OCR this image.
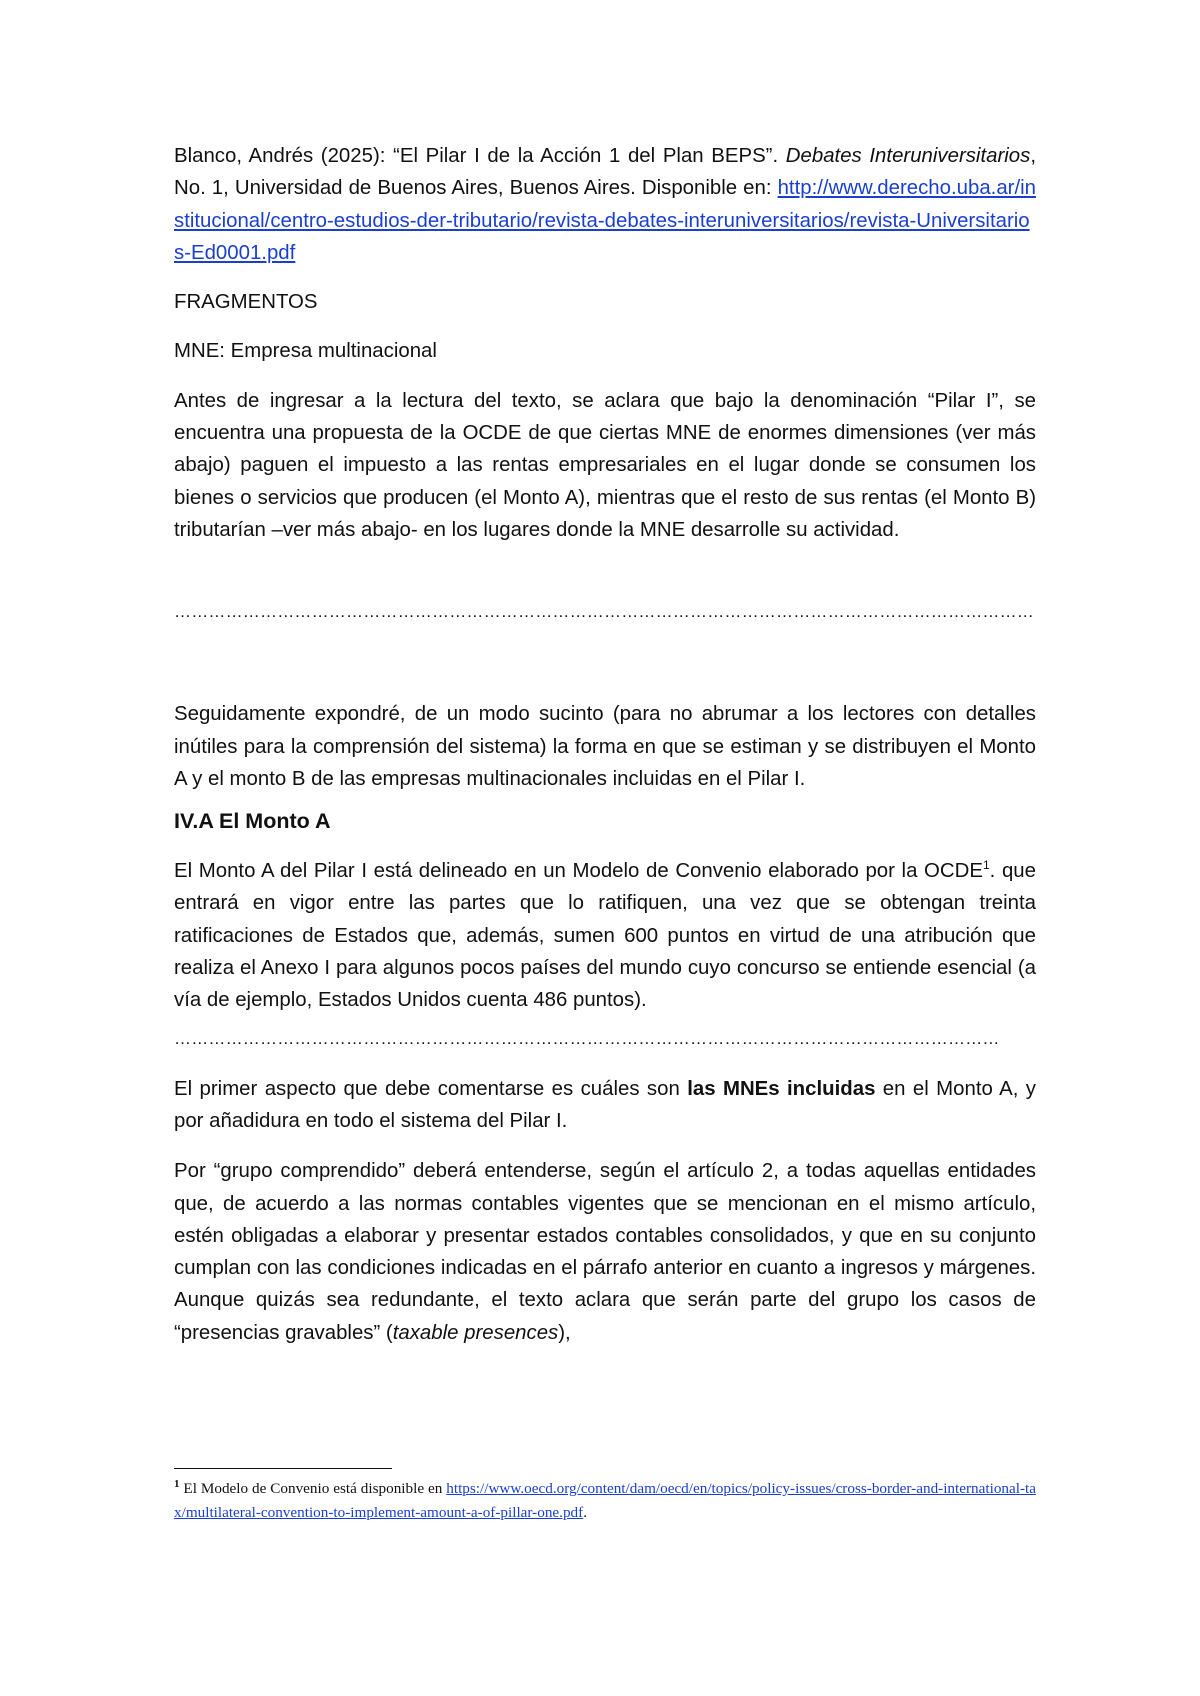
Blanco, Andrés (2025): “El Pilar I de la Acción 1 del Plan BEPS”. Debates Interuniversitarios, No. 1, Universidad de Buenos Aires, Buenos Aires. Disponible en: http://www.derecho.uba.ar/institucional/centro-estudios-der-tributario/revista-debates-interuniversitarios/revista-Universitarios-Ed0001.pdf

FRAGMENTOS

MNE: Empresa multinacional

Antes de ingresar a la lectura del texto, se aclara que bajo la denominación “Pilar I”, se encuentra una propuesta de la OCDE de que ciertas MNE de enormes dimensiones (ver más abajo) paguen el impuesto a las rentas empresariales en el lugar donde se consumen los bienes o servicios que producen (el Monto A), mientras que el resto de sus rentas (el Monto B) tributarían –ver más abajo- en los lugares donde la MNE desarrolle su actividad.

……………………………………………………………………………………………………………………………………

Seguidamente expondré, de un modo sucinto (para no abrumar a los lectores con detalles inútiles para la comprensión del sistema) la forma en que se estiman y se distribuyen el Monto A y el monto B de las empresas multinacionales incluidas en el Pilar I.

IV.A El Monto A

El Monto A del Pilar I está delineado en un Modelo de Convenio elaborado por la OCDE$^1$. que entrará en vigor entre las partes que lo ratifiquen, una vez que se obtengan treinta ratificaciones de Estados que, además, sumen 600 puntos en virtud de una atribución que realiza el Anexo I para algunos pocos países del mundo cuyo concurso se entiende esencial (a vía de ejemplo, Estados Unidos cuenta 486 puntos).

………………………………………………………………………………………………………………………………

El primer aspecto que debe comentarse es cuáles son las MNEs incluidas en el Monto A, y por añadidura en todo el sistema del Pilar I.

Por “grupo comprendido” deberá entenderse, según el artículo 2, a todas aquellas entidades que, de acuerdo a las normas contables vigentes que se mencionan en el mismo artículo, estén obligadas a elaborar y presentar estados contables consolidados, y que en su conjunto cumplan con las condiciones indicadas en el párrafo anterior en cuanto a ingresos y márgenes. Aunque quizás sea redundante, el texto aclara que serán parte del grupo los casos de “presencias gravables” (taxable presences),

$^1$ El Modelo de Convenio está disponible en https://www.oecd.org/content/dam/oecd/en/topics/policy-issues/cross-border-and-international-tax/multilateral-convention-to-implement-amount-a-of-pillar-one.pdf.
